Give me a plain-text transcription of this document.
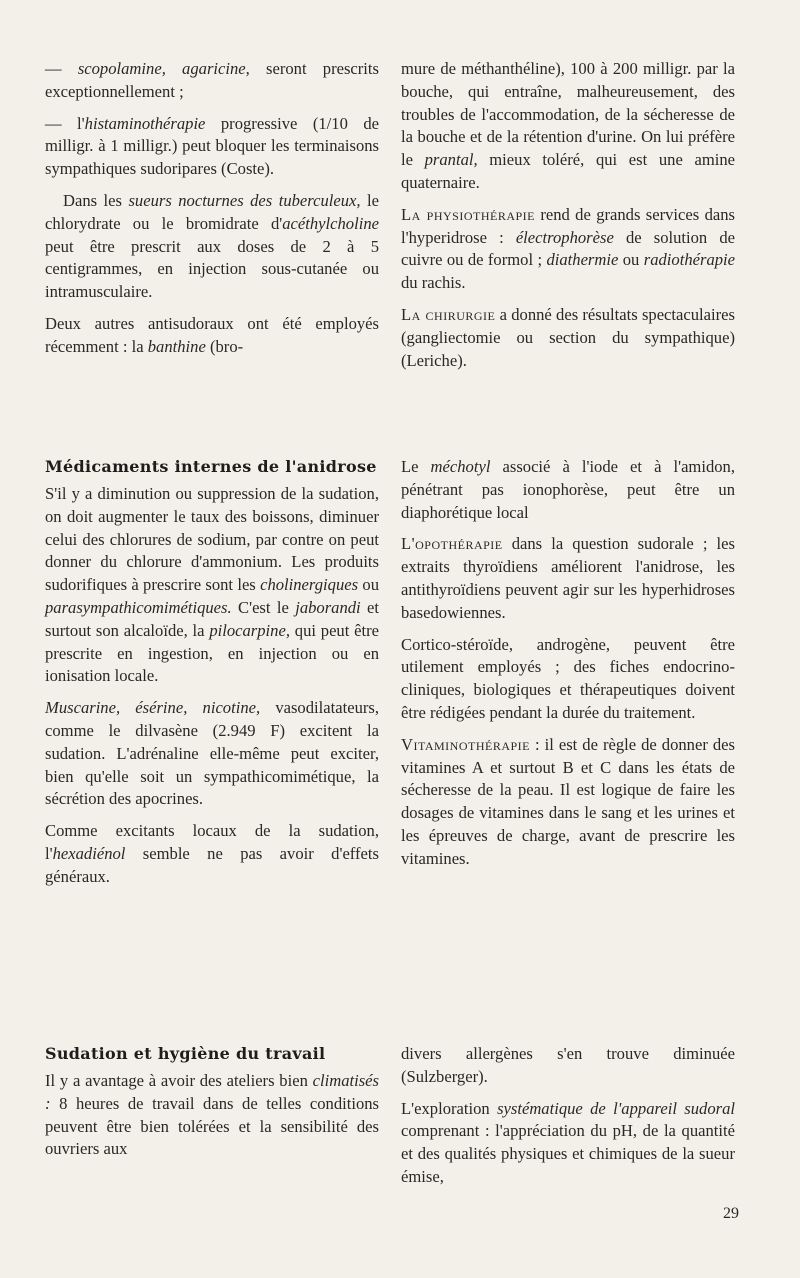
— scopolamine, agaricine, seront prescrits exceptionnellement ;

— l'histaminothérapie progressive (1/10 de milligr. à 1 milligr.) peut bloquer les terminaisons sympathiques sudoripares (Coste).

Dans les sueurs nocturnes des tuberculeux, le chlorydrate ou le bromidrate d'acéthylcholine peut être prescrit aux doses de 2 à 5 centigrammes, en injection sous-cutanée ou intramusculaire.

Deux autres antisudoraux ont été employés récemment : la banthine (bro-

mure de méthanthéline), 100 à 200 milligr. par la bouche, qui entraîne, malheureusement, des troubles de l'accommodation, de la sécheresse de la bouche et de la rétention d'urine. On lui préfère le prantal, mieux toléré, qui est une amine quaternaire.

La physiothérapie rend de grands services dans l'hyperidrose : électrophorèse de solution de cuivre ou de formol ; diathermie ou radiothérapie du rachis.

La chirurgie a donné des résultats spectaculaires (gangliectomie ou section du sympathique) (Leriche).

Médicaments internes de l'anidrose

S'il y a diminution ou suppression de la sudation, on doit augmenter le taux des boissons, diminuer celui des chlorures de sodium, par contre on peut donner du chlorure d'ammonium. Les produits sudorifiques à prescrire sont les cholinergiques ou parasympathicomimétiques. C'est le jaborandi et surtout son alcaloïde, la pilocarpine, qui peut être prescrite en ingestion, en injection ou en ionisation locale.

Muscarine, ésérine, nicotine, vasodilatateurs, comme le dilvasène (2.949 F) excitent la sudation. L'adrénaline elle-même peut exciter, bien qu'elle soit un sympathicomimétique, la sécrétion des apocrines.

Comme excitants locaux de la sudation, l'hexadiénol semble ne pas avoir d'effets généraux.

Le méchotyl associé à l'iode et à l'amidon, pénétrant pas ionophorèse, peut être un diaphorétique local

L'opothérapie dans la question sudorale ; les extraits thyroïdiens améliorent l'anidrose, les antithyroïdiens peuvent agir sur les hyperhidroses basedowiennes.

Cortico-stéroïde, androgène, peuvent être utilement employés ; des fiches endocrino-cliniques, biologiques et thérapeutiques doivent être rédigées pendant la durée du traitement.

Vitaminothérapie : il est de règle de donner des vitamines A et surtout B et C dans les états de sécheresse de la peau. Il est logique de faire les dosages de vitamines dans le sang et les urines et les épreuves de charge, avant de prescrire les vitamines.

Sudation et hygiène du travail

Il y a avantage à avoir des ateliers bien climatisés : 8 heures de travail dans de telles conditions peuvent être bien tolérées et la sensibilité des ouvriers aux

divers allergènes s'en trouve diminuée (Sulzberger).

L'exploration systématique de l'appareil sudoral comprenant : l'appréciation du pH, de la quantité et des qualités physiques et chimiques de la sueur émise,

29
